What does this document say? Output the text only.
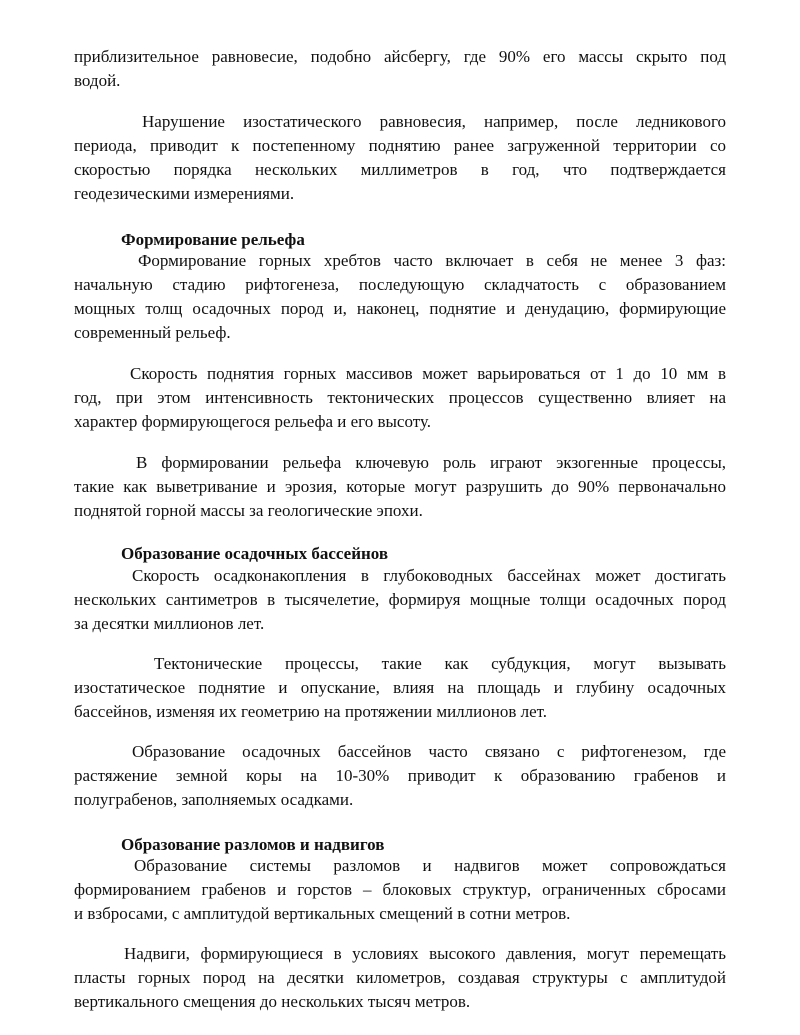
приблизительное равновесие, подобно айсбергу, где 90% его массы скрыто под
водой.
Нарушение изостатического равновесия, например, после ледникового
периода, приводит к постепенному поднятию ранее загруженной территории со
скоростью порядка нескольких миллиметров в год, что подтверждается
геодезическими измерениями.
Формирование рельефа
Формирование горных хребтов часто включает в себя не менее 3 фаз:
начальную стадию рифтогенеза, последующую складчатость с образованием
мощных толщ осадочных пород и, наконец, поднятие и денудацию, формирующие
современный рельеф.
Скорость поднятия горных массивов может варьироваться от 1 до 10 мм в
год, при этом интенсивность тектонических процессов существенно влияет на
характер формирующегося рельефа и его высоту.
В формировании рельефа ключевую роль играют экзогенные процессы,
такие как выветривание и эрозия, которые могут разрушить до 90% первоначально
поднятой горной массы за геологические эпохи.
Образование осадочных бассейнов
Скорость осадконакопления в глубоководных бассейнах может достигать
нескольких сантиметров в тысячелетие, формируя мощные толщи осадочных пород
за десятки миллионов лет.
Тектонические процессы, такие как субдукция, могут вызывать
изостатическое поднятие и опускание, влияя на площадь и глубину осадочных
бассейнов, изменяя их геометрию на протяжении миллионов лет.
Образование осадочных бассейнов часто связано с рифтогенезом, где
растяжение земной коры на 10-30% приводит к образованию грабенов и
полуграбенов, заполняемых осадками.
Образование разломов и надвигов
Образование системы разломов и надвигов может сопровождаться
формированием грабенов и горстов – блоковых структур, ограниченных сбросами
и взбросами, с амплитудой вертикальных смещений в сотни метров.
Надвиги, формирующиеся в условиях высокого давления, могут перемещать
пласты горных пород на десятки километров, создавая структуры с амплитудой
вертикального смещения до нескольких тысяч метров.
